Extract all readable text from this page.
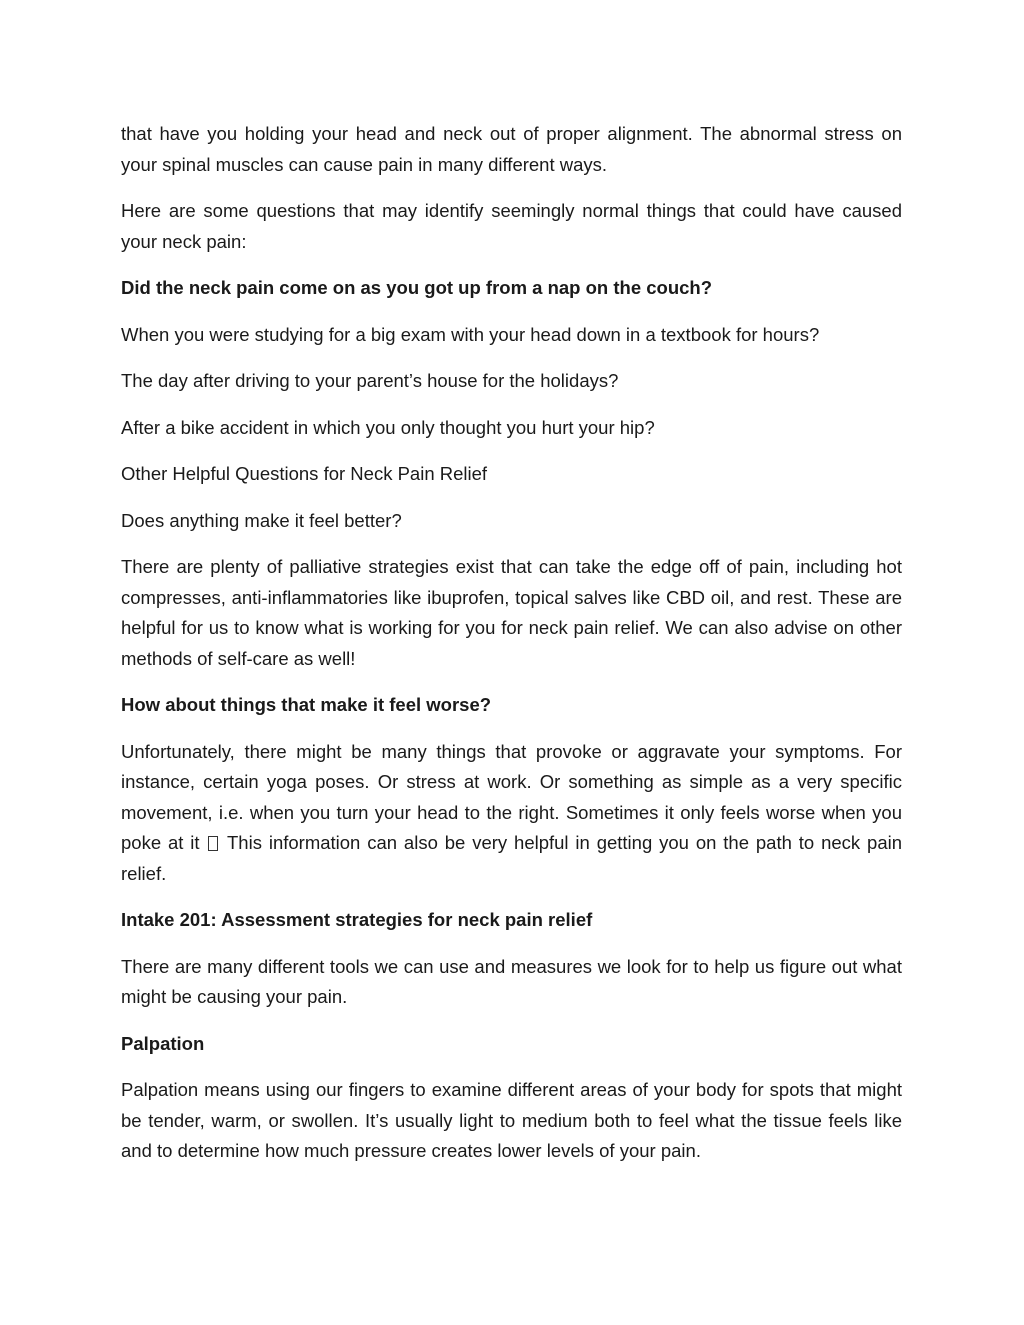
that have you holding your head and neck out of proper alignment. The abnormal stress on your spinal muscles can cause pain in many different ways.

Here are some questions that may identify seemingly normal things that could have caused your neck pain:

Did the neck pain come on as you got up from a nap on the couch?

When you were studying for a big exam with your head down in a textbook for hours?

The day after driving to your parent’s house for the holidays?

After a bike accident in which you only thought you hurt your hip?

Other Helpful Questions for Neck Pain Relief

Does anything make it feel better?

There are plenty of palliative strategies exist that can take the edge off of pain, including hot compresses, anti-inflammatories like ibuprofen, topical salves like CBD oil, and rest. These are helpful for us to know what is working for you for neck pain relief. We can also advise on other methods of self-care as well!

How about things that make it feel worse?

Unfortunately, there might be many things that provoke or aggravate your symptoms. For instance, certain yoga poses. Or stress at work. Or something as simple as a very specific movement, i.e. when you turn your head to the right. Sometimes it only feels worse when you poke at it This information can also be very helpful in getting you on the path to neck pain relief.

Intake 201: Assessment strategies for neck pain relief

There are many different tools we can use and measures we look for to help us figure out what might be causing your pain.

Palpation

Palpation means using our fingers to examine different areas of your body for spots that might be tender, warm, or swollen. It’s usually light to medium both to feel what the tissue feels like and to determine how much pressure creates lower levels of your pain.
